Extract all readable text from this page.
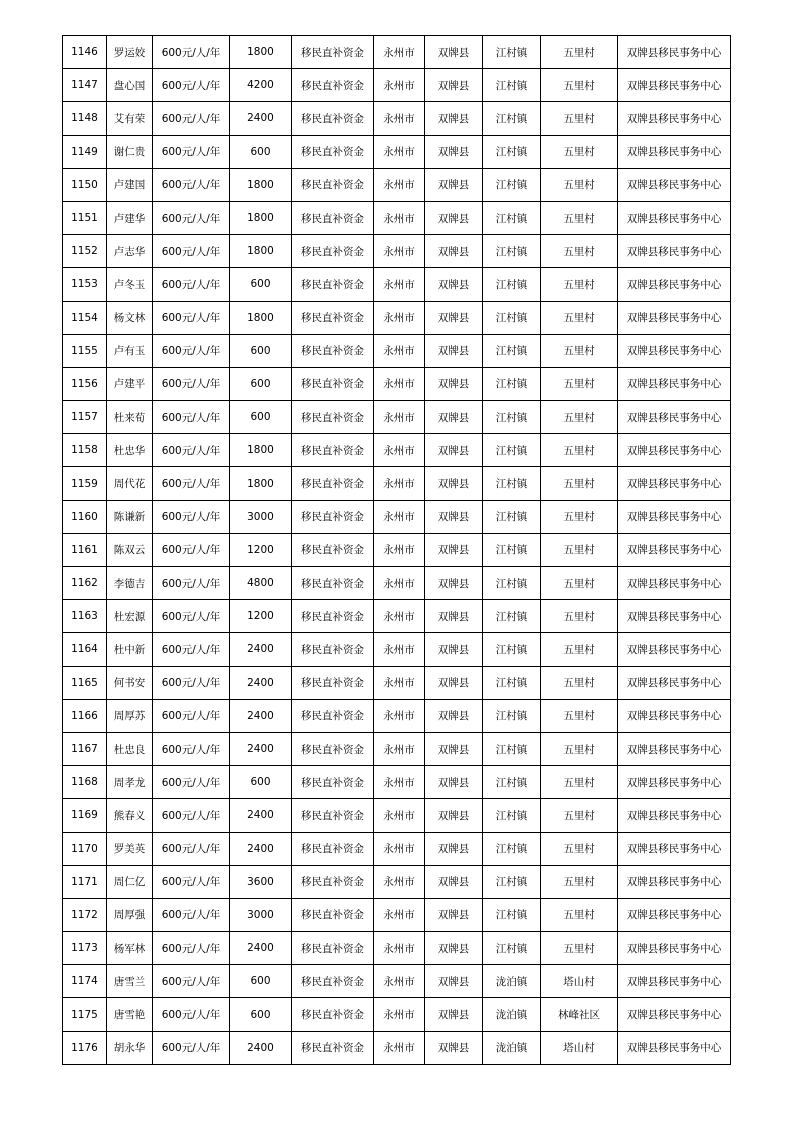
1146	罗运姣	600元/人/年	1800	移民直补资金	永州市	双牌县	江村镇	五里村	双牌县移民事务中心
1147	盘心国	600元/人/年	4200	移民直补资金	永州市	双牌县	江村镇	五里村	双牌县移民事务中心
1148	艾有荣	600元/人/年	2400	移民直补资金	永州市	双牌县	江村镇	五里村	双牌县移民事务中心
1149	谢仁贵	600元/人/年	600	移民直补资金	永州市	双牌县	江村镇	五里村	双牌县移民事务中心
1150	卢建国	600元/人/年	1800	移民直补资金	永州市	双牌县	江村镇	五里村	双牌县移民事务中心
1151	卢建华	600元/人/年	1800	移民直补资金	永州市	双牌县	江村镇	五里村	双牌县移民事务中心
1152	卢志华	600元/人/年	1800	移民直补资金	永州市	双牌县	江村镇	五里村	双牌县移民事务中心
1153	卢冬玉	600元/人/年	600	移民直补资金	永州市	双牌县	江村镇	五里村	双牌县移民事务中心
1154	杨文林	600元/人/年	1800	移民直补资金	永州市	双牌县	江村镇	五里村	双牌县移民事务中心
1155	卢有玉	600元/人/年	600	移民直补资金	永州市	双牌县	江村镇	五里村	双牌县移民事务中心
1156	卢建平	600元/人/年	600	移民直补资金	永州市	双牌县	江村镇	五里村	双牌县移民事务中心
1157	杜来荀	600元/人/年	600	移民直补资金	永州市	双牌县	江村镇	五里村	双牌县移民事务中心
1158	杜忠华	600元/人/年	1800	移民直补资金	永州市	双牌县	江村镇	五里村	双牌县移民事务中心
1159	周代花	600元/人/年	1800	移民直补资金	永州市	双牌县	江村镇	五里村	双牌县移民事务中心
1160	陈谦新	600元/人/年	3000	移民直补资金	永州市	双牌县	江村镇	五里村	双牌县移民事务中心
1161	陈双云	600元/人/年	1200	移民直补资金	永州市	双牌县	江村镇	五里村	双牌县移民事务中心
1162	李德吉	600元/人/年	4800	移民直补资金	永州市	双牌县	江村镇	五里村	双牌县移民事务中心
1163	杜宏源	600元/人/年	1200	移民直补资金	永州市	双牌县	江村镇	五里村	双牌县移民事务中心
1164	杜中新	600元/人/年	2400	移民直补资金	永州市	双牌县	江村镇	五里村	双牌县移民事务中心
1165	何书安	600元/人/年	2400	移民直补资金	永州市	双牌县	江村镇	五里村	双牌县移民事务中心
1166	周厚苏	600元/人/年	2400	移民直补资金	永州市	双牌县	江村镇	五里村	双牌县移民事务中心
1167	杜忠良	600元/人/年	2400	移民直补资金	永州市	双牌县	江村镇	五里村	双牌县移民事务中心
1168	周孝龙	600元/人/年	600	移民直补资金	永州市	双牌县	江村镇	五里村	双牌县移民事务中心
1169	熊春义	600元/人/年	2400	移民直补资金	永州市	双牌县	江村镇	五里村	双牌县移民事务中心
1170	罗美英	600元/人/年	2400	移民直补资金	永州市	双牌县	江村镇	五里村	双牌县移民事务中心
1171	周仁亿	600元/人/年	3600	移民直补资金	永州市	双牌县	江村镇	五里村	双牌县移民事务中心
1172	周厚强	600元/人/年	3000	移民直补资金	永州市	双牌县	江村镇	五里村	双牌县移民事务中心
1173	杨军林	600元/人/年	2400	移民直补资金	永州市	双牌县	江村镇	五里村	双牌县移民事务中心
1174	唐雪兰	600元/人/年	600	移民直补资金	永州市	双牌县	泷泊镇	塔山村	双牌县移民事务中心
1175	唐雪艳	600元/人/年	600	移民直补资金	永州市	双牌县	泷泊镇	林峰社区	双牌县移民事务中心
1176	胡永华	600元/人/年	2400	移民直补资金	永州市	双牌县	泷泊镇	塔山村	双牌县移民事务中心
